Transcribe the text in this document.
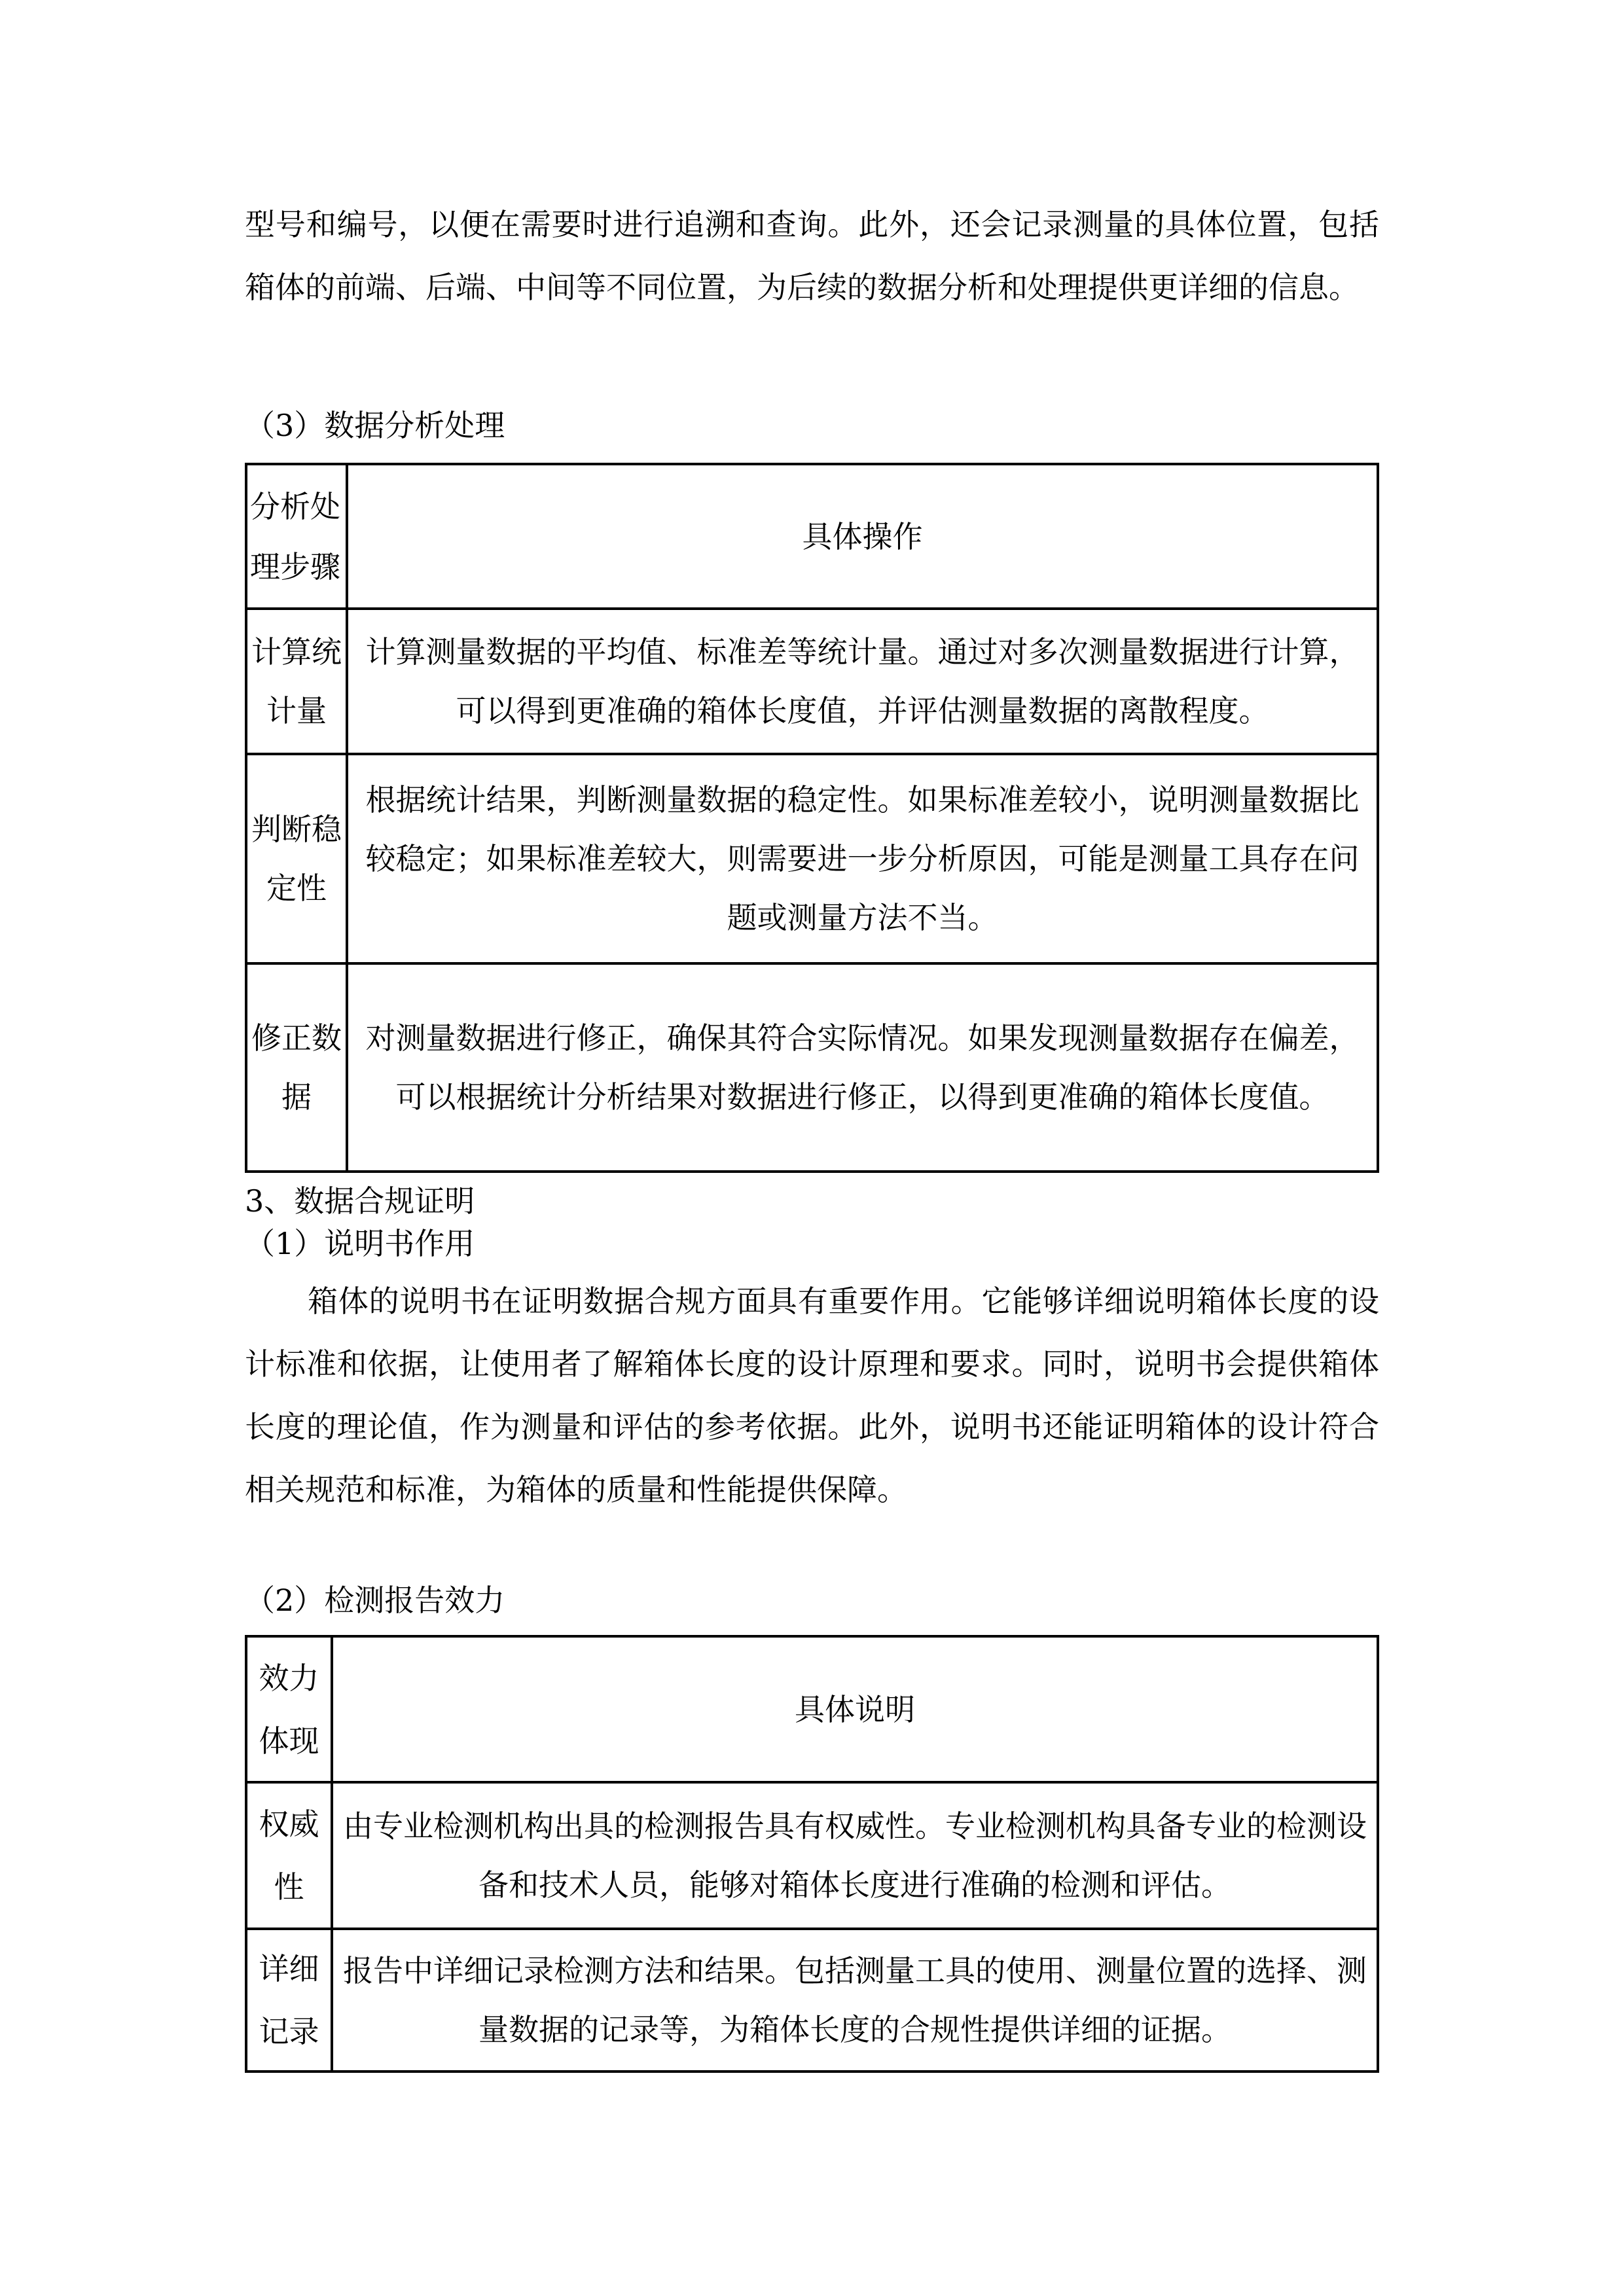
型号和编号，以便在需要时进行追溯和查询。此外，还会记录测量的具体位置，包括箱体的前端、后端、中间等不同位置，为后续的数据分析和处理提供更详细的信息。

（3）数据分析处理

分析处理步骤	具体操作
计算统计量	计算测量数据的平均值、标准差等统计量。通过对多次测量数据进行计算，可以得到更准确的箱体长度值，并评估测量数据的离散程度。
判断稳定性	根据统计结果，判断测量数据的稳定性。如果标准差较小，说明测量数据比较稳定；如果标准差较大，则需要进一步分析原因，可能是测量工具存在问题或测量方法不当。
修正数据	对测量数据进行修正，确保其符合实际情况。如果发现测量数据存在偏差，可以根据统计分析结果对数据进行修正，以得到更准确的箱体长度值。

3、数据合规证明

（1）说明书作用

箱体的说明书在证明数据合规方面具有重要作用。它能够详细说明箱体长度的设计标准和依据，让使用者了解箱体长度的设计原理和要求。同时，说明书会提供箱体长度的理论值，作为测量和评估的参考依据。此外，说明书还能证明箱体的设计符合相关规范和标准，为箱体的质量和性能提供保障。

（2）检测报告效力

效力体现	具体说明
权威性	由专业检测机构出具的检测报告具有权威性。专业检测机构具备专业的检测设备和技术人员，能够对箱体长度进行准确的检测和评估。
详细记录	报告中详细记录检测方法和结果。包括测量工具的使用、测量位置的选择、测量数据的记录等，为箱体长度的合规性提供详细的证据。
